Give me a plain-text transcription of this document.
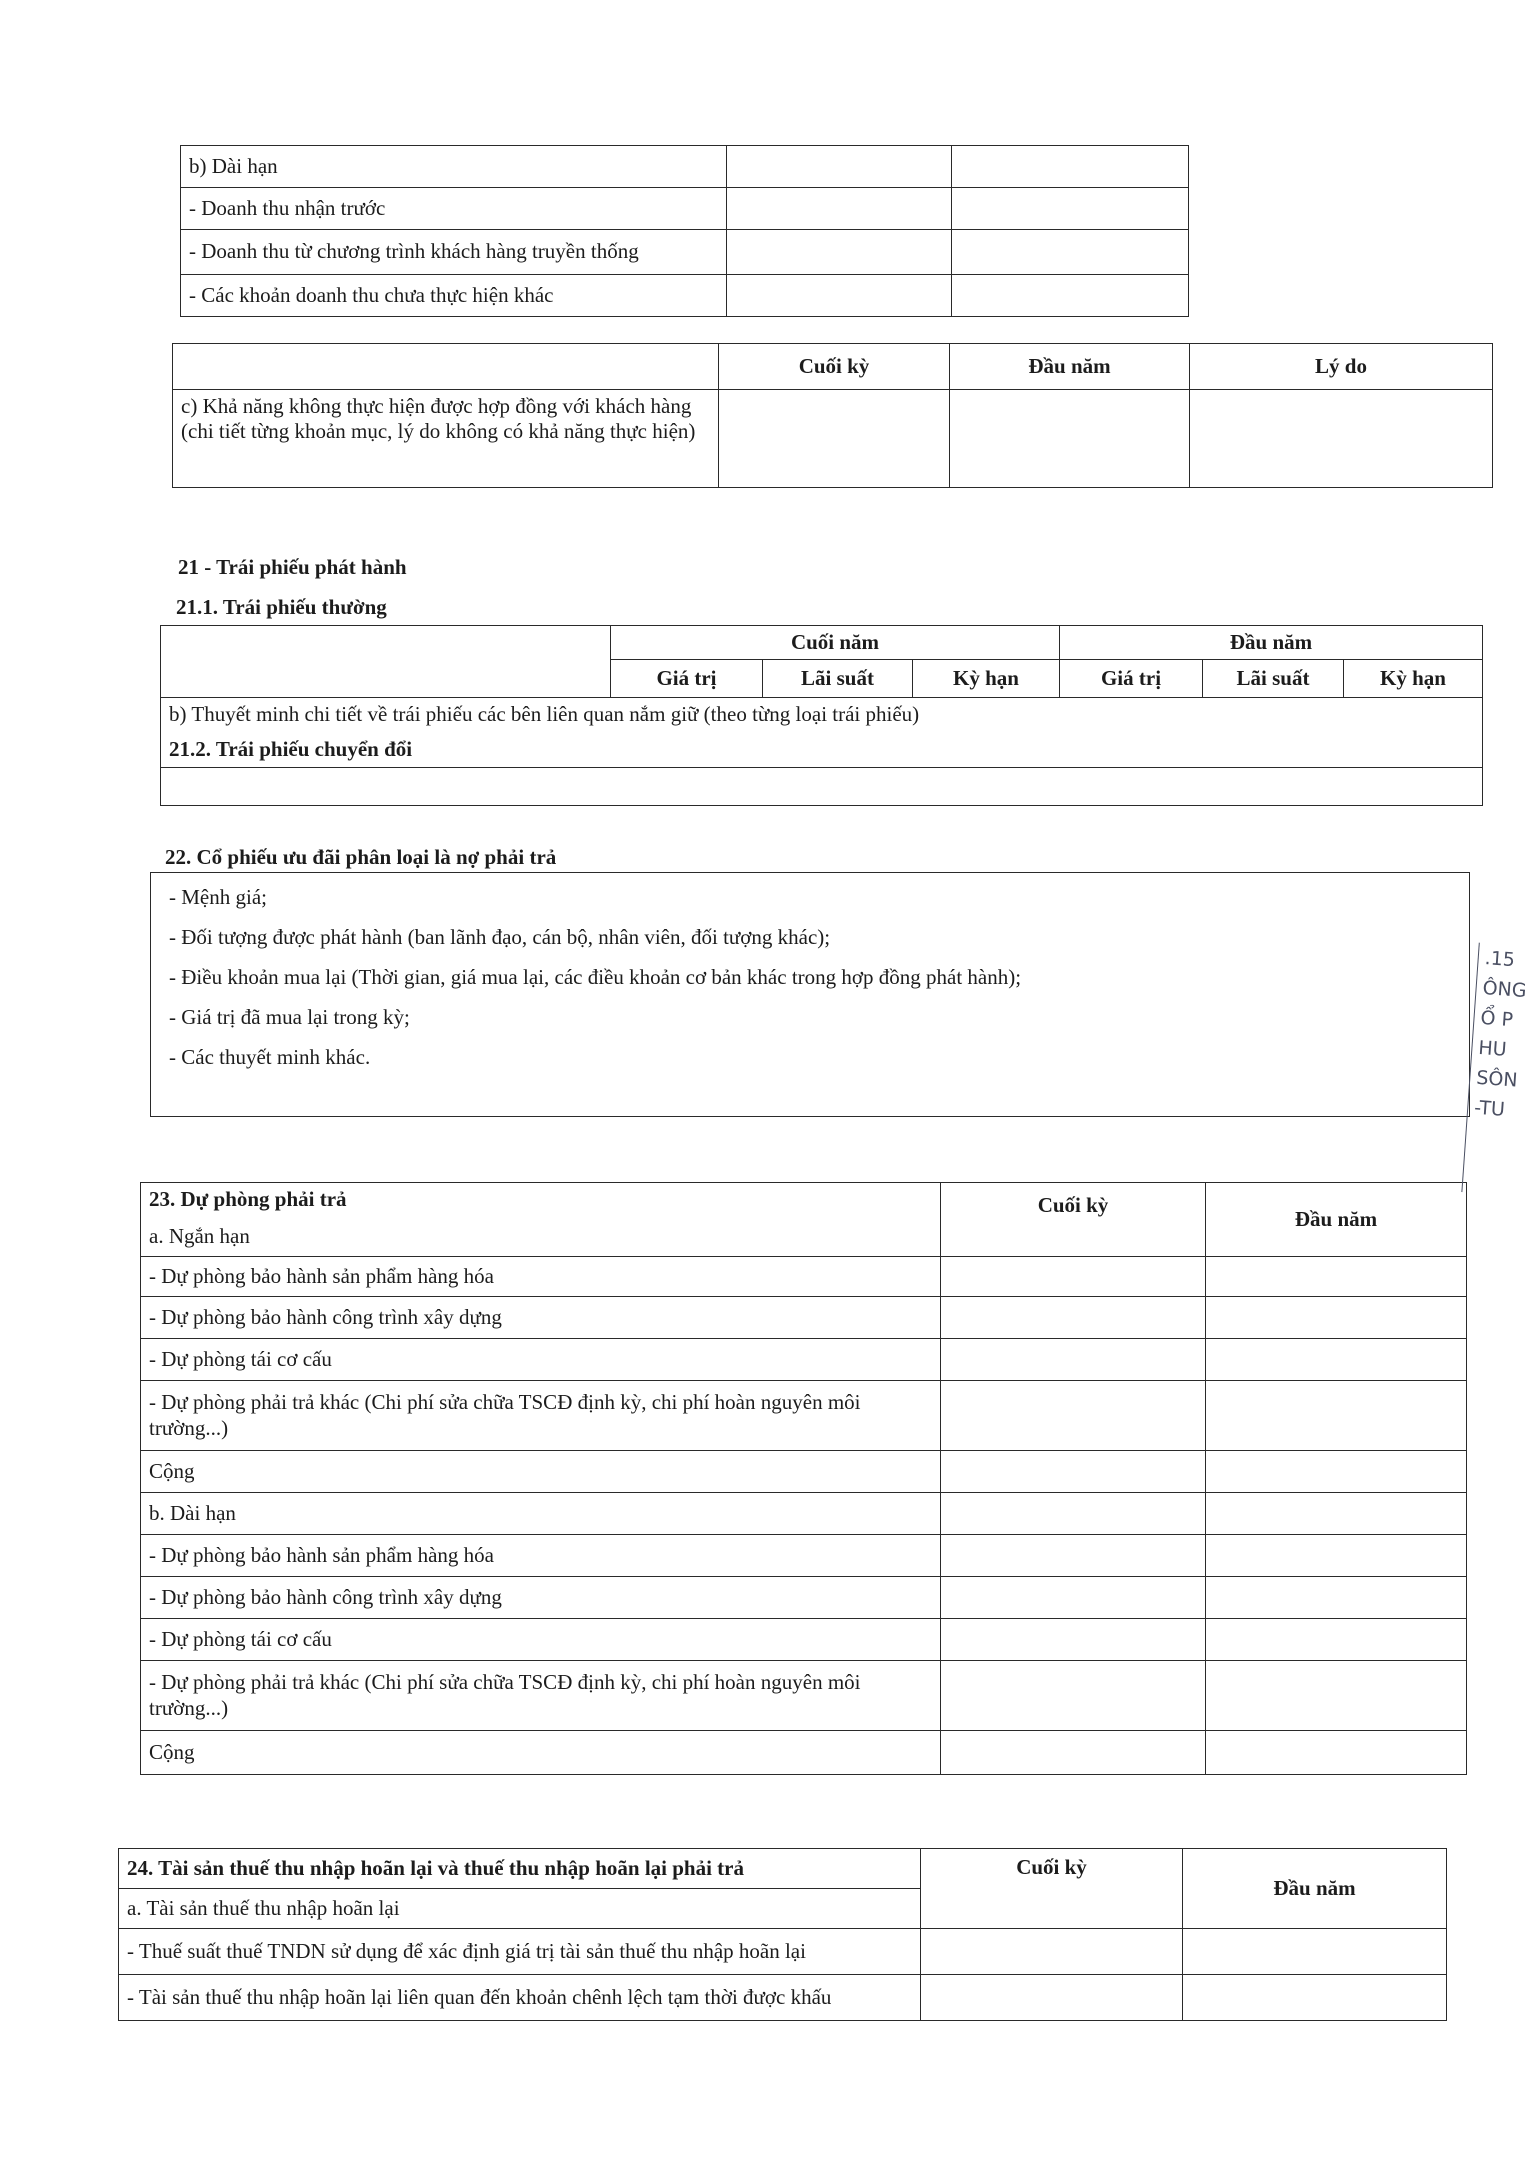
b) Dài hạn		
- Doanh thu nhận trước		
- Doanh thu từ chương trình khách hàng truyền thống		
- Các khoản doanh thu chưa thực hiện khác		
	Cuối kỳ	Đầu năm	Lý do
c) Khả năng không thực hiện được hợp đồng với khách hàng (chi tiết từng khoản mục, lý do không có khả năng thực hiện)			
21 - Trái phiếu phát hành
21.1. Trái phiếu thường
	Cuối năm			Đầu năm		
	Giá trị	Lãi suất	Kỳ hạn	Giá trị	Lãi suất	Kỳ hạn
b) Thuyết minh chi tiết về trái phiếu các bên liên quan nắm giữ (theo từng loại trái phiếu)						
21.2. Trái phiếu chuyển đổi						

22. Cổ phiếu ưu đãi phân loại là nợ phải trả
- Mệnh giá;
- Đối tượng được phát hành (ban lãnh đạo, cán bộ, nhân viên, đối tượng khác);
- Điều khoản mua lại (Thời gian, giá mua lại, các điều khoản cơ bản khác trong hợp đồng phát hành);
- Giá trị đã mua lại trong kỳ;
- Các thuyết minh khác.
23. Dự phòng phải trả	Cuối kỳ	Đầu năm
a. Ngắn hạn		
- Dự phòng bảo hành sản phẩm hàng hóa		
- Dự phòng bảo hành công trình xây dựng		
- Dự phòng tái cơ cấu		
- Dự phòng phải trả khác (Chi phí sửa chữa TSCĐ định kỳ, chi phí hoàn nguyên môi trường...)		
Cộng		
b. Dài hạn		
- Dự phòng bảo hành sản phẩm hàng hóa		
- Dự phòng bảo hành công trình xây dựng		
- Dự phòng tái cơ cấu		
- Dự phòng phải trả khác (Chi phí sửa chữa TSCĐ định kỳ, chi phí hoàn nguyên môi trường...)		
Cộng		
24. Tài sản thuế thu nhập hoãn lại và thuế thu nhập hoãn lại phải trả	Cuối kỳ	Đầu năm
a. Tài sản thuế thu nhập hoãn lại		
- Thuế suất thuế TNDN sử dụng để xác định giá trị tài sản thuế thu nhập hoãn lại		
- Tài sản thuế thu nhập hoãn lại liên quan đến khoản chênh lệch tạm thời được khấu		
.15
ÔNG
Ổ P
HU
SÔN
-TU
